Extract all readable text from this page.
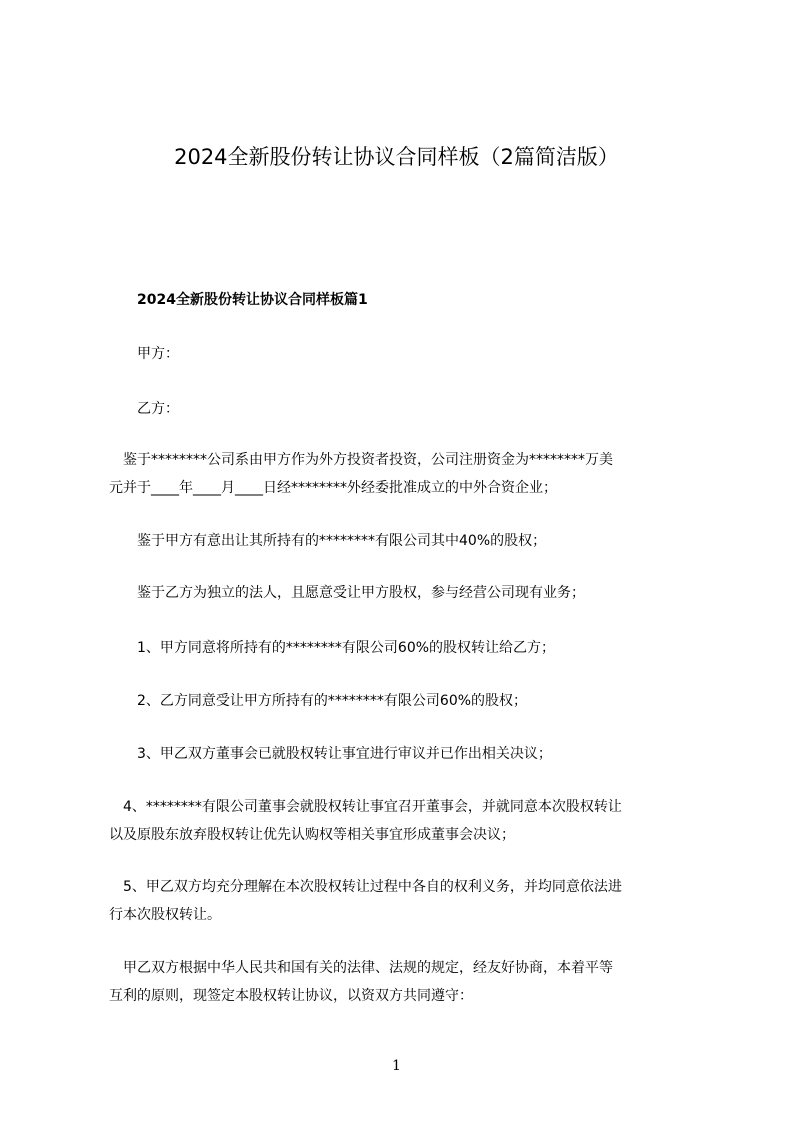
2024全新股份转让协议合同样板（2篇简洁版）
2024全新股份转让协议合同样板篇1
甲方：
乙方：
　鉴于********公司系由甲方作为外方投资者投资，公司注册资金为********万美
元并于____年____月____日经********外经委批准成立的中外合资企业；
鉴于甲方有意出让其所持有的********有限公司其中40%的股权；
鉴于乙方为独立的法人，且愿意受让甲方股权，参与经营公司现有业务；
1、甲方同意将所持有的********有限公司60%的股权转让给乙方；
2、乙方同意受让甲方所持有的********有限公司60%的股权；
3、甲乙双方董事会已就股权转让事宜进行审议并已作出相关决议；
　4、********有限公司董事会就股权转让事宜召开董事会，并就同意本次股权转让
以及原股东放弃股权转让优先认购权等相关事宜形成董事会决议；
　5、甲乙双方均充分理解在本次股权转让过程中各自的权利义务，并均同意依法进
行本次股权转让。
　甲乙双方根据中华人民共和国有关的法律、法规的规定，经友好协商，本着平等
互利的原则，现签定本股权转让协议，以资双方共同遵守：
1
